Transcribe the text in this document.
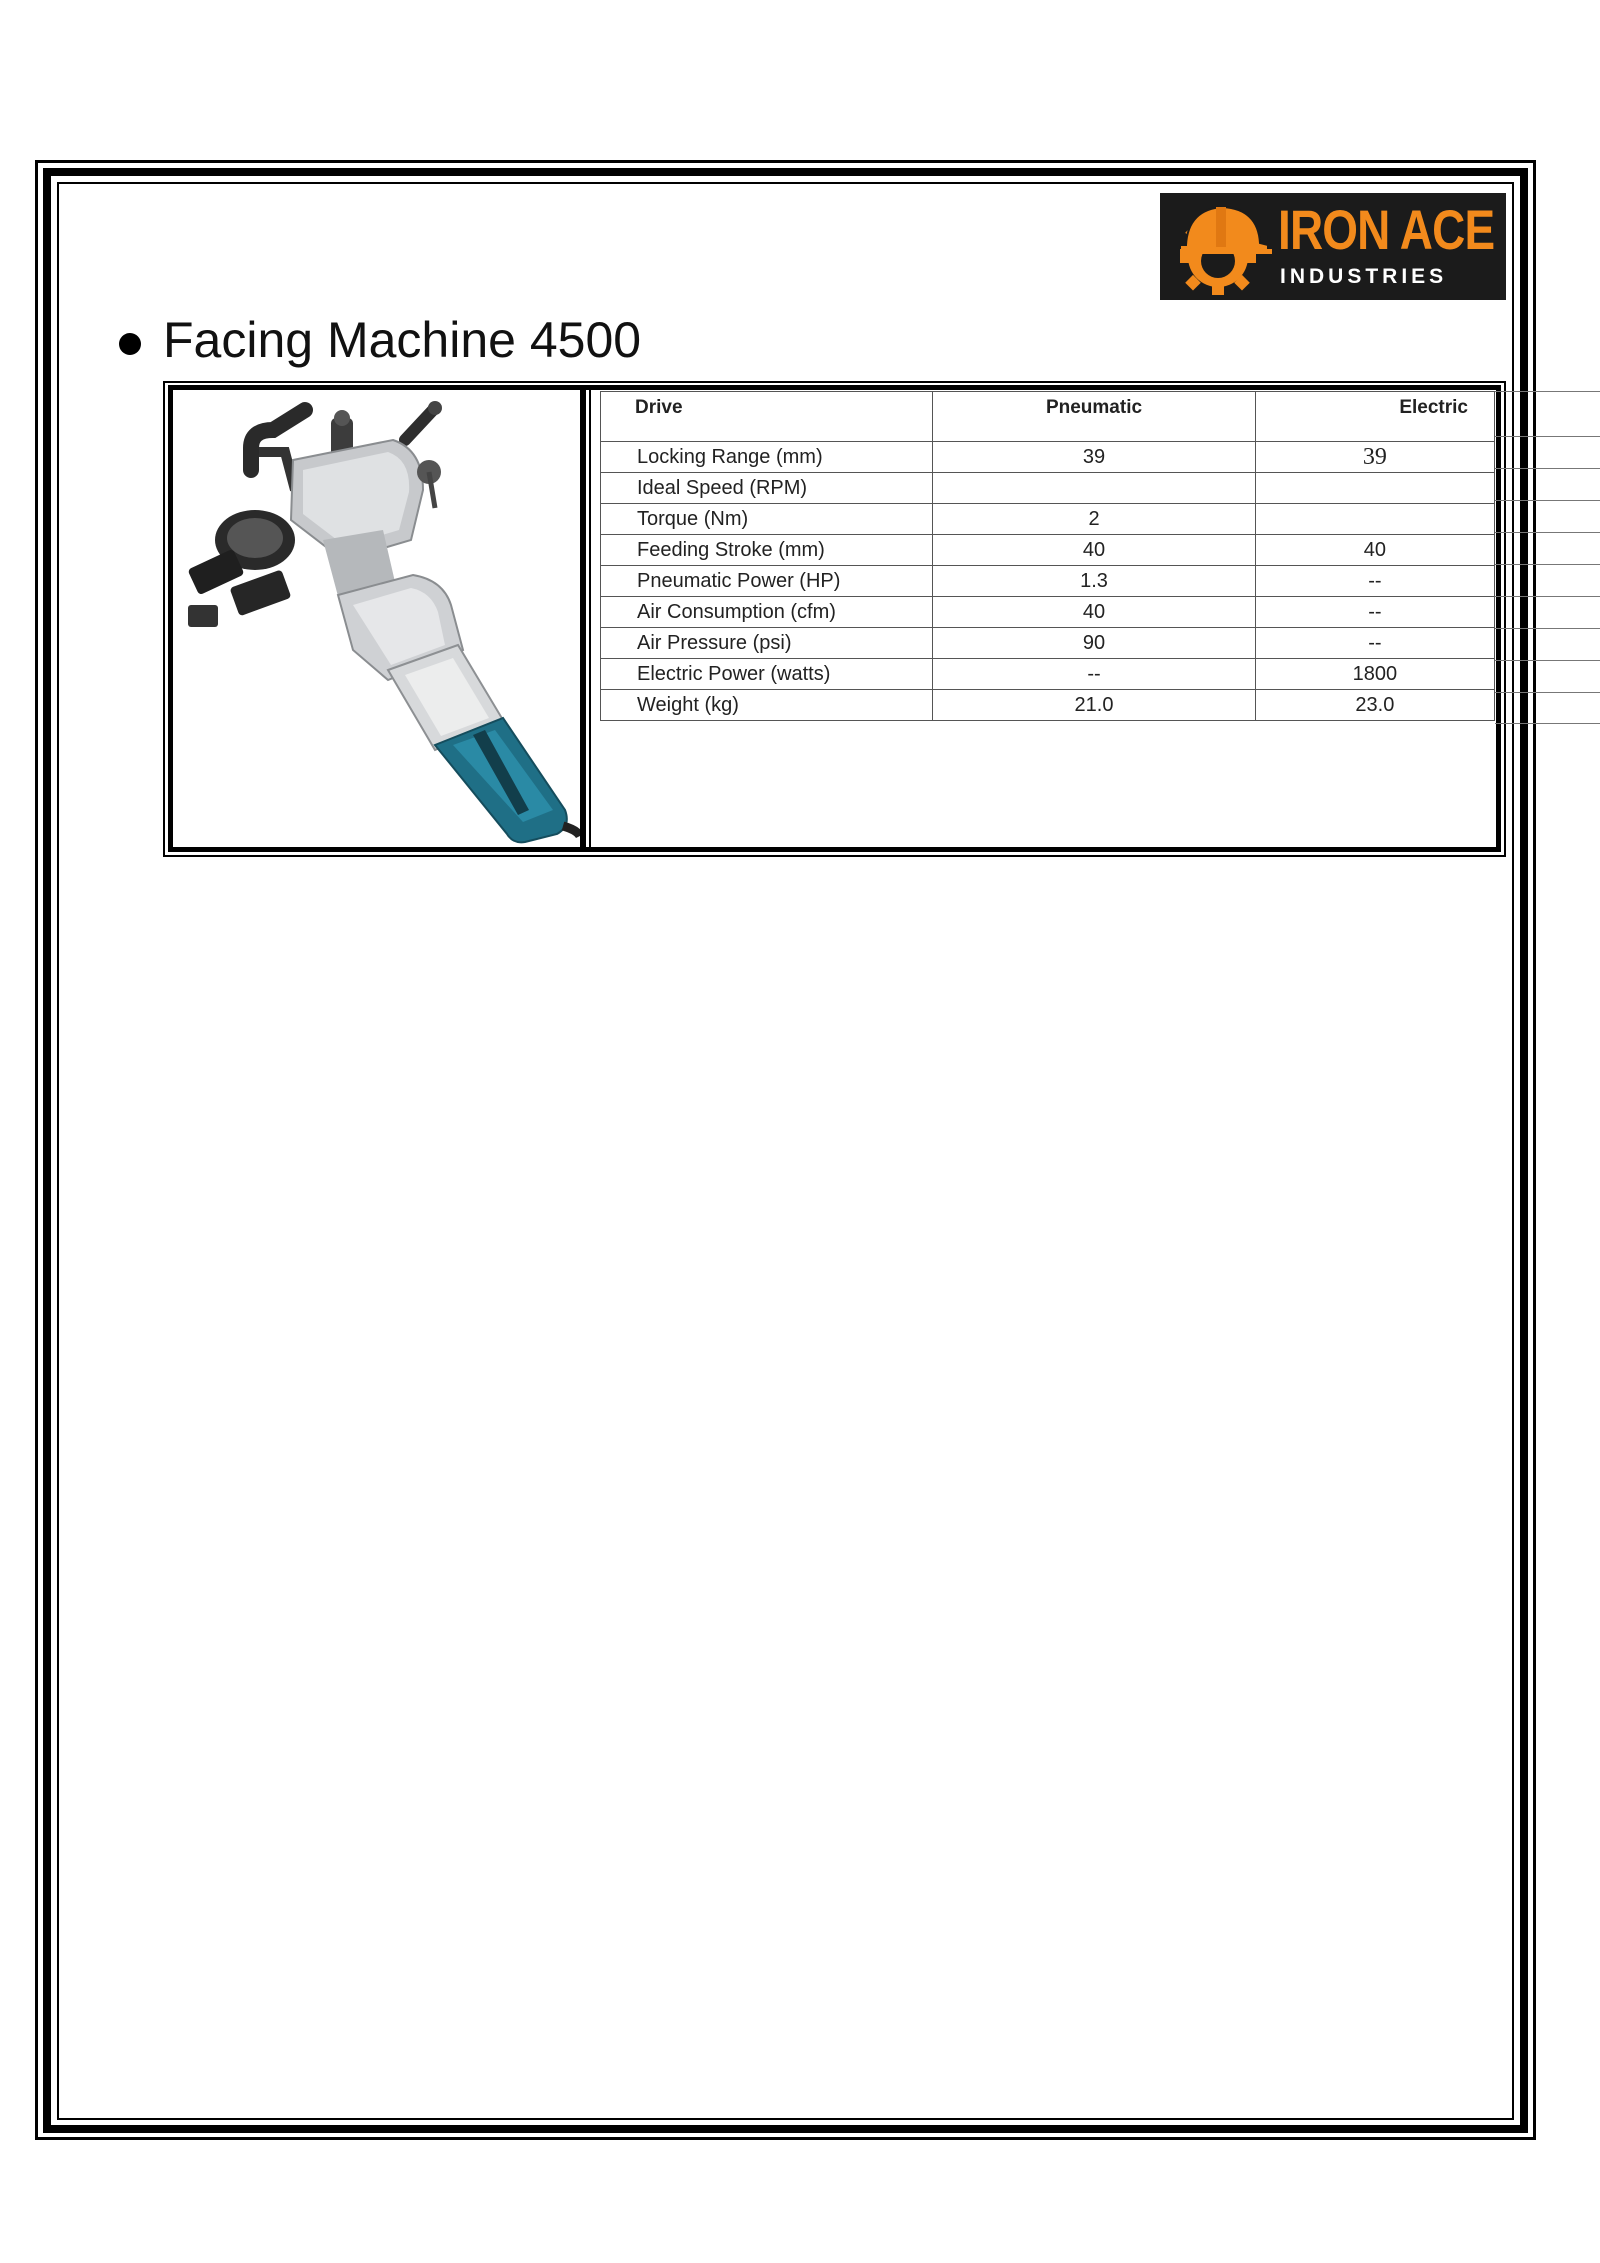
IRON ACE
INDUSTRIES
Facing Machine 4500
Drive	Pneumatic	Electric
Locking Range (mm)	39	39
Ideal Speed (RPM)		
Torque (Nm)	2	
Feeding Stroke (mm)	40	40
Pneumatic Power (HP)	1.3	--
Air Consumption (cfm)	40	--
Air Pressure (psi)	90	--
Electric Power (watts)	--	1800
Weight (kg)	21.0	23.0
